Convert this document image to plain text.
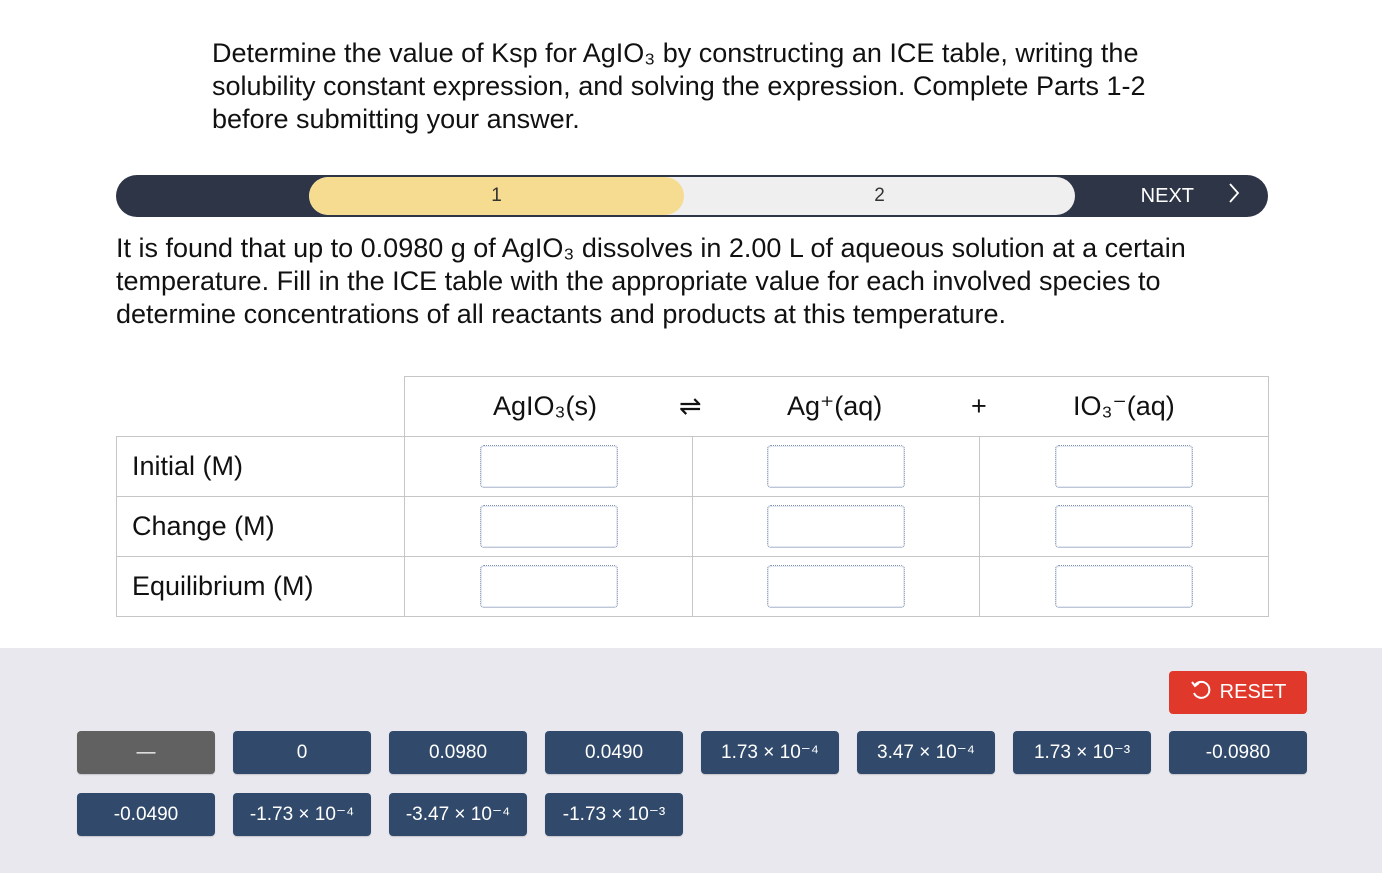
Determine the value of Ksp for AgIO₃ by constructing an ICE table, writing the solubility constant expression, and solving the expression. Complete Parts 1-2 before submitting your answer.
1	2	NEXT
It is found that up to 0.0980 g of AgIO₃ dissolves in 2.00 L of aqueous solution at a certain temperature. Fill in the ICE table with the appropriate value for each involved species to determine concentrations of all reactants and products at this temperature.

	AgIO₃(s) ⇌ Ag⁺(aq) + IO₃⁻(aq)		

Initial (M)			
Change (M)			
Equilibrium (M)			
RESET
—	0	0.0980	0.0490	1.73 × 10⁻⁴	3.47 × 10⁻⁴	1.73 × 10⁻³	-0.0980
-0.0490	-1.73 × 10⁻⁴	-3.47 × 10⁻⁴	-1.73 × 10⁻³
